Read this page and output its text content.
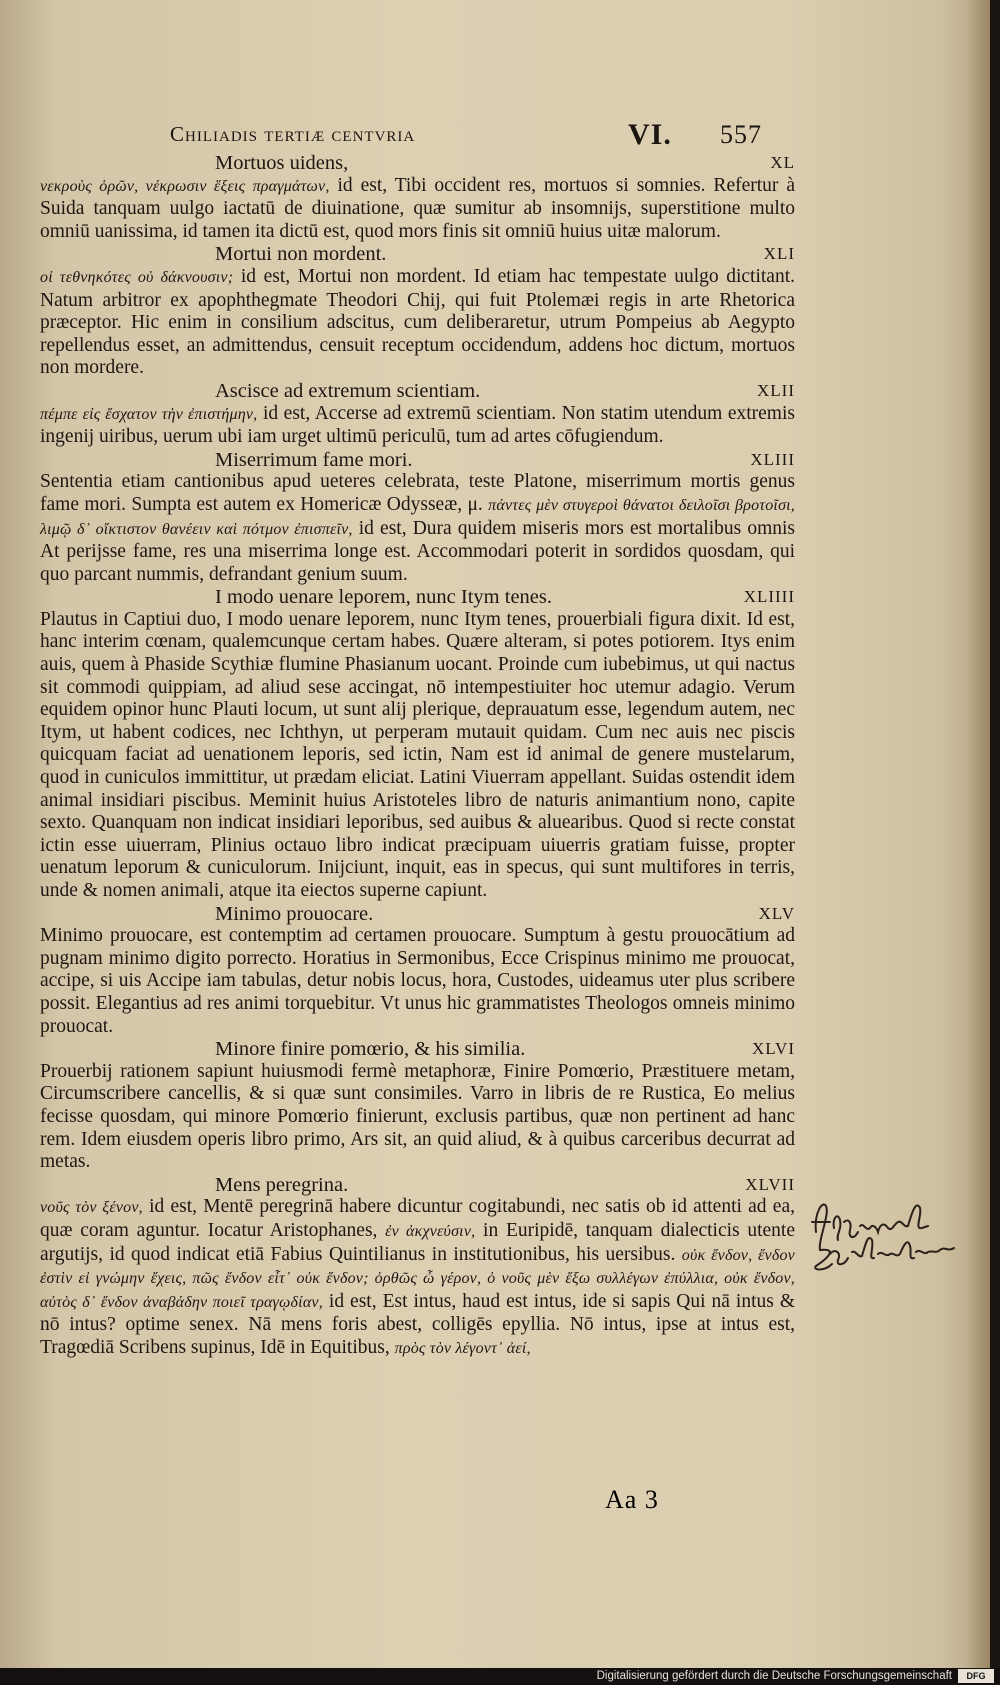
Chiliadis tertiæ centvria	VI. 557
Mortuos uidens,	XL

νεκροὺς ὁρῶν, νέκρωσιν ἕξεις πραγμάτων, id est, Tibi occident res, mortuos si somnies. Refertur à Suida tanquam uulgo iactatū de diuinatione, quæ sumitur ab insomnijs, superstitione multo omniū uanissima, id tamen ita dictū est, quod mors finis sit omniū huius uitæ malorum.

Mortui non mordent.	XLI

οἱ τεθνηκότες οὐ δάκνουσιν; id est, Mortui non mordent. Id etiam hac tempestate uulgo dictitant. Natum arbitror ex apophthegmate Theodori Chij, qui fuit Ptolemæi regis in arte Rhetorica præceptor. Hic enim in consilium adscitus, cum deliberaretur, utrum Pompeius ab Aegypto repellendus esset, an admittendus, censuit receptum occidendum, addens hoc dictum, mortuos non mordere.

Ascisce ad extremum scientiam.	XLII

πέμπε εἰς ἔσχατον τὴν ἐπιστήμην, id est, Accerse ad extremū scientiam. Non statim utendum extremis ingenij uiribus, uerum ubi iam urget ultimū periculū, tum ad artes cōfugiendum.

Miserrimum fame mori.	XLIII

Sententia etiam cantionibus apud ueteres celebrata, teste Platone, miserrimum mortis genus fame mori. Sumpta est autem ex Homericæ Odysseæ, μ. πάντες μὲν στυγεροὶ θάνατοι δειλοῖσι βροτοῖσι, λιμῷ δ᾽ οἴκτιστον θανέειν καὶ πότμον ἐπισπεῖν, id est, Dura quidem miseris mors est mortalibus omnis At perijsse fame, res una miserrima longe est. Accommodari poterit in sordidos quosdam, qui quo parcant nummis, defrandant genium suum.

I modo uenare leporem, nunc Itym tenes.	XLIIII

Plautus in Captiui duo, I modo uenare leporem, nunc Itym tenes, prouerbiali figura dixit. Id est, hanc interim cœnam, qualemcunque certam habes. Quære alteram, si potes potiorem. Itys enim auis, quem à Phaside Scythiæ flumine Phasianum uocant. Proinde cum iubebimus, ut qui nactus sit commodi quippiam, ad aliud sese accingat, nō intempestiuiter hoc utemur adagio. Verum equidem opinor hunc Plauti locum, ut sunt alij plerique, deprauatum esse, legendum autem, nec Itym, ut habent codices, nec Ichthyn, ut perperam mutauit quidam. Cum nec auis nec piscis quicquam faciat ad uenationem leporis, sed ictin, Nam est id animal de genere mustelarum, quod in cuniculos immittitur, ut prædam eliciat. Latini Viuerram appellant. Suidas ostendit idem animal insidiari piscibus. Meminit huius Aristoteles libro de naturis animantium nono, capite sexto. Quanquam non indicat insidiari leporibus, sed auibus & aluearibus. Quod si recte constat ictin esse uiuerram, Plinius octauo libro indicat præcipuam uiuerris gratiam fuisse, propter uenatum leporum & cuniculorum. Inijciunt, inquit, eas in specus, qui sunt multifores in terris, unde & nomen animali, atque ita eiectos superne capiunt.

Minimo prouocare.	XLV

Minimo prouocare, est contemptim ad certamen prouocare. Sumptum à gestu prouocātium ad pugnam minimo digito porrecto. Horatius in Sermonibus, Ecce Crispinus minimo me prouocat, accipe, si uis Accipe iam tabulas, detur nobis locus, hora, Custodes, uideamus uter plus scribere possit. Elegantius ad res animi torquebitur. Vt unus hic grammatistes Theologos omneis minimo prouocat.

Minore finire pomœrio, & his similia.	XLVI

Prouerbij rationem sapiunt huiusmodi fermè metaphoræ, Finire Pomœrio, Præstituere metam, Circumscribere cancellis, & si quæ sunt consimiles. Varro in libris de re Rustica, Eo melius fecisse quosdam, qui minore Pomœrio finierunt, exclusis partibus, quæ non pertinent ad hanc rem. Idem eiusdem operis libro primo, Ars sit, an quid aliud, & à quibus carceribus decurrat ad metas.

Mens peregrina.	XLVII

νοῦς τὸν ξένον, id est, Mentē peregrinā habere dicuntur cogitabundi, nec satis ob id attenti ad ea, quæ coram aguntur. Iocatur Aristophanes, ἐν ἀκχνεύσιν, in Euripidē, tanquam dialecticis utente argutijs, id quod indicat etiā Fabius Quintilianus in institutionibus, his uersibus. οὐκ ἔνδον, ἔνδον ἐστὶν εἰ γνώμην ἔχεις, πῶς ἔνδον εἶτ᾽ οὐκ ἔνδον; ὀρθῶς ὦ γέρον, ὁ νοῦς μὲν ἔξω συλλέγων ἐπύλλια, οὐκ ἔνδον, αὐτὸς δ᾽ ἔνδον ἀναβάδην ποιεῖ τραγῳδίαν, id est, Est intus, haud est intus, ide si sapis Qui nā intus & nō intus? optime senex. Nā mens foris abest, colligēs epyllia. Nō intus, ipse at intus est, Tragœdiā Scribens supinus, Idē in Equitibus, πρὸς τὸν λέγοντ᾽ ἀεί,

Aa 3
Digitalisierung gefördert durch die Deutsche Forschungsgemeinschaft	DFG
